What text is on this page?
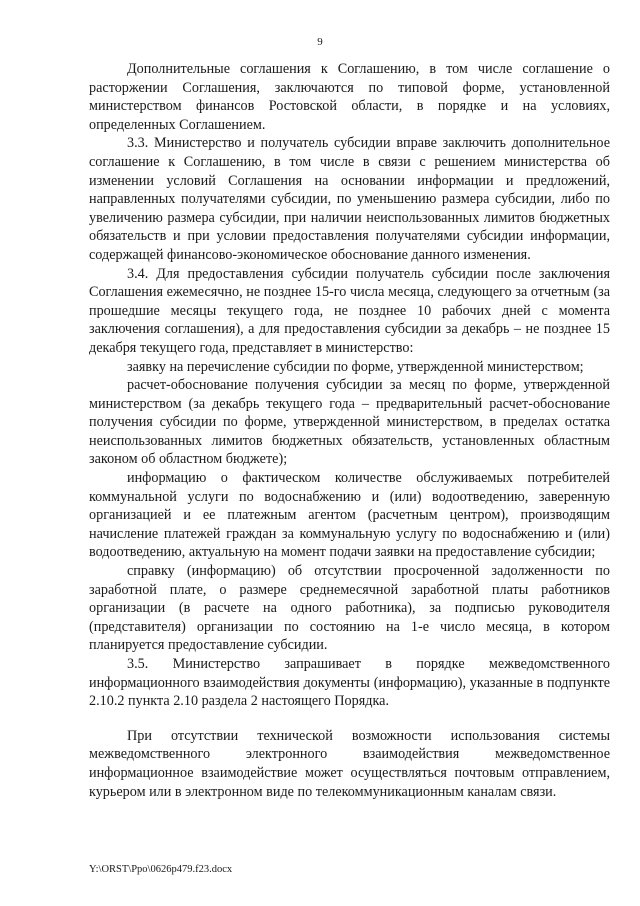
9

Дополнительные соглашения к Соглашению, в том числе соглашение о расторжении Соглашения, заключаются по типовой форме, установленной министерством финансов Ростовской области, в порядке и на условиях, определенных Соглашением.

3.3. Министерство и получатель субсидии вправе заключить дополнительное соглашение к Соглашению, в том числе в связи с решением министерства об изменении условий Соглашения на основании информации и предложений, направленных получателями субсидии, по уменьшению размера субсидии, либо по увеличению размера субсидии, при наличии неиспользованных лимитов бюджетных обязательств и при условии предоставления получателями субсидии информации, содержащей финансово-экономическое обоснование данного изменения.

3.4. Для предоставления субсидии получатель субсидии после заключения Соглашения ежемесячно, не позднее 15-го числа месяца, следующего за отчетным (за прошедшие месяцы текущего года, не позднее 10 рабочих дней с момента заключения соглашения), а для предоставления субсидии за декабрь – не позднее 15 декабря текущего года, представляет в министерство:

заявку на перечисление субсидии по форме, утвержденной министерством;

расчет-обоснование получения субсидии за месяц по форме, утвержденной министерством (за декабрь текущего года – предварительный расчет-обоснование получения субсидии по форме, утвержденной министерством, в пределах остатка неиспользованных лимитов бюджетных обязательств, установленных областным законом об областном бюджете);

информацию о фактическом количестве обслуживаемых потребителей коммунальной услуги по водоснабжению и (или) водоотведению, заверенную организацией и ее платежным агентом (расчетным центром), производящим начисление платежей граждан за коммунальную услугу по водоснабжению и (или) водоотведению, актуальную на момент подачи заявки на предоставление субсидии;

справку (информацию) об отсутствии просроченной задолженности по заработной плате, о размере среднемесячной заработной платы работников организации (в расчете на одного работника), за подписью руководителя (представителя) организации по состоянию на 1-е число месяца, в котором планируется предоставление субсидии.

3.5. Министерство запрашивает в порядке межведомственного информационного взаимодействия документы (информацию), указанные в подпункте 2.10.2 пункта 2.10 раздела 2 настоящего Порядка.

При отсутствии технической возможности использования системы межведомственного электронного взаимодействия межведомственное информационное взаимодействие может осуществляться почтовым отправлением, курьером или в электронном виде по телекоммуникационным каналам связи.

Y:\ORST\Ppo\0626p479.f23.docx
